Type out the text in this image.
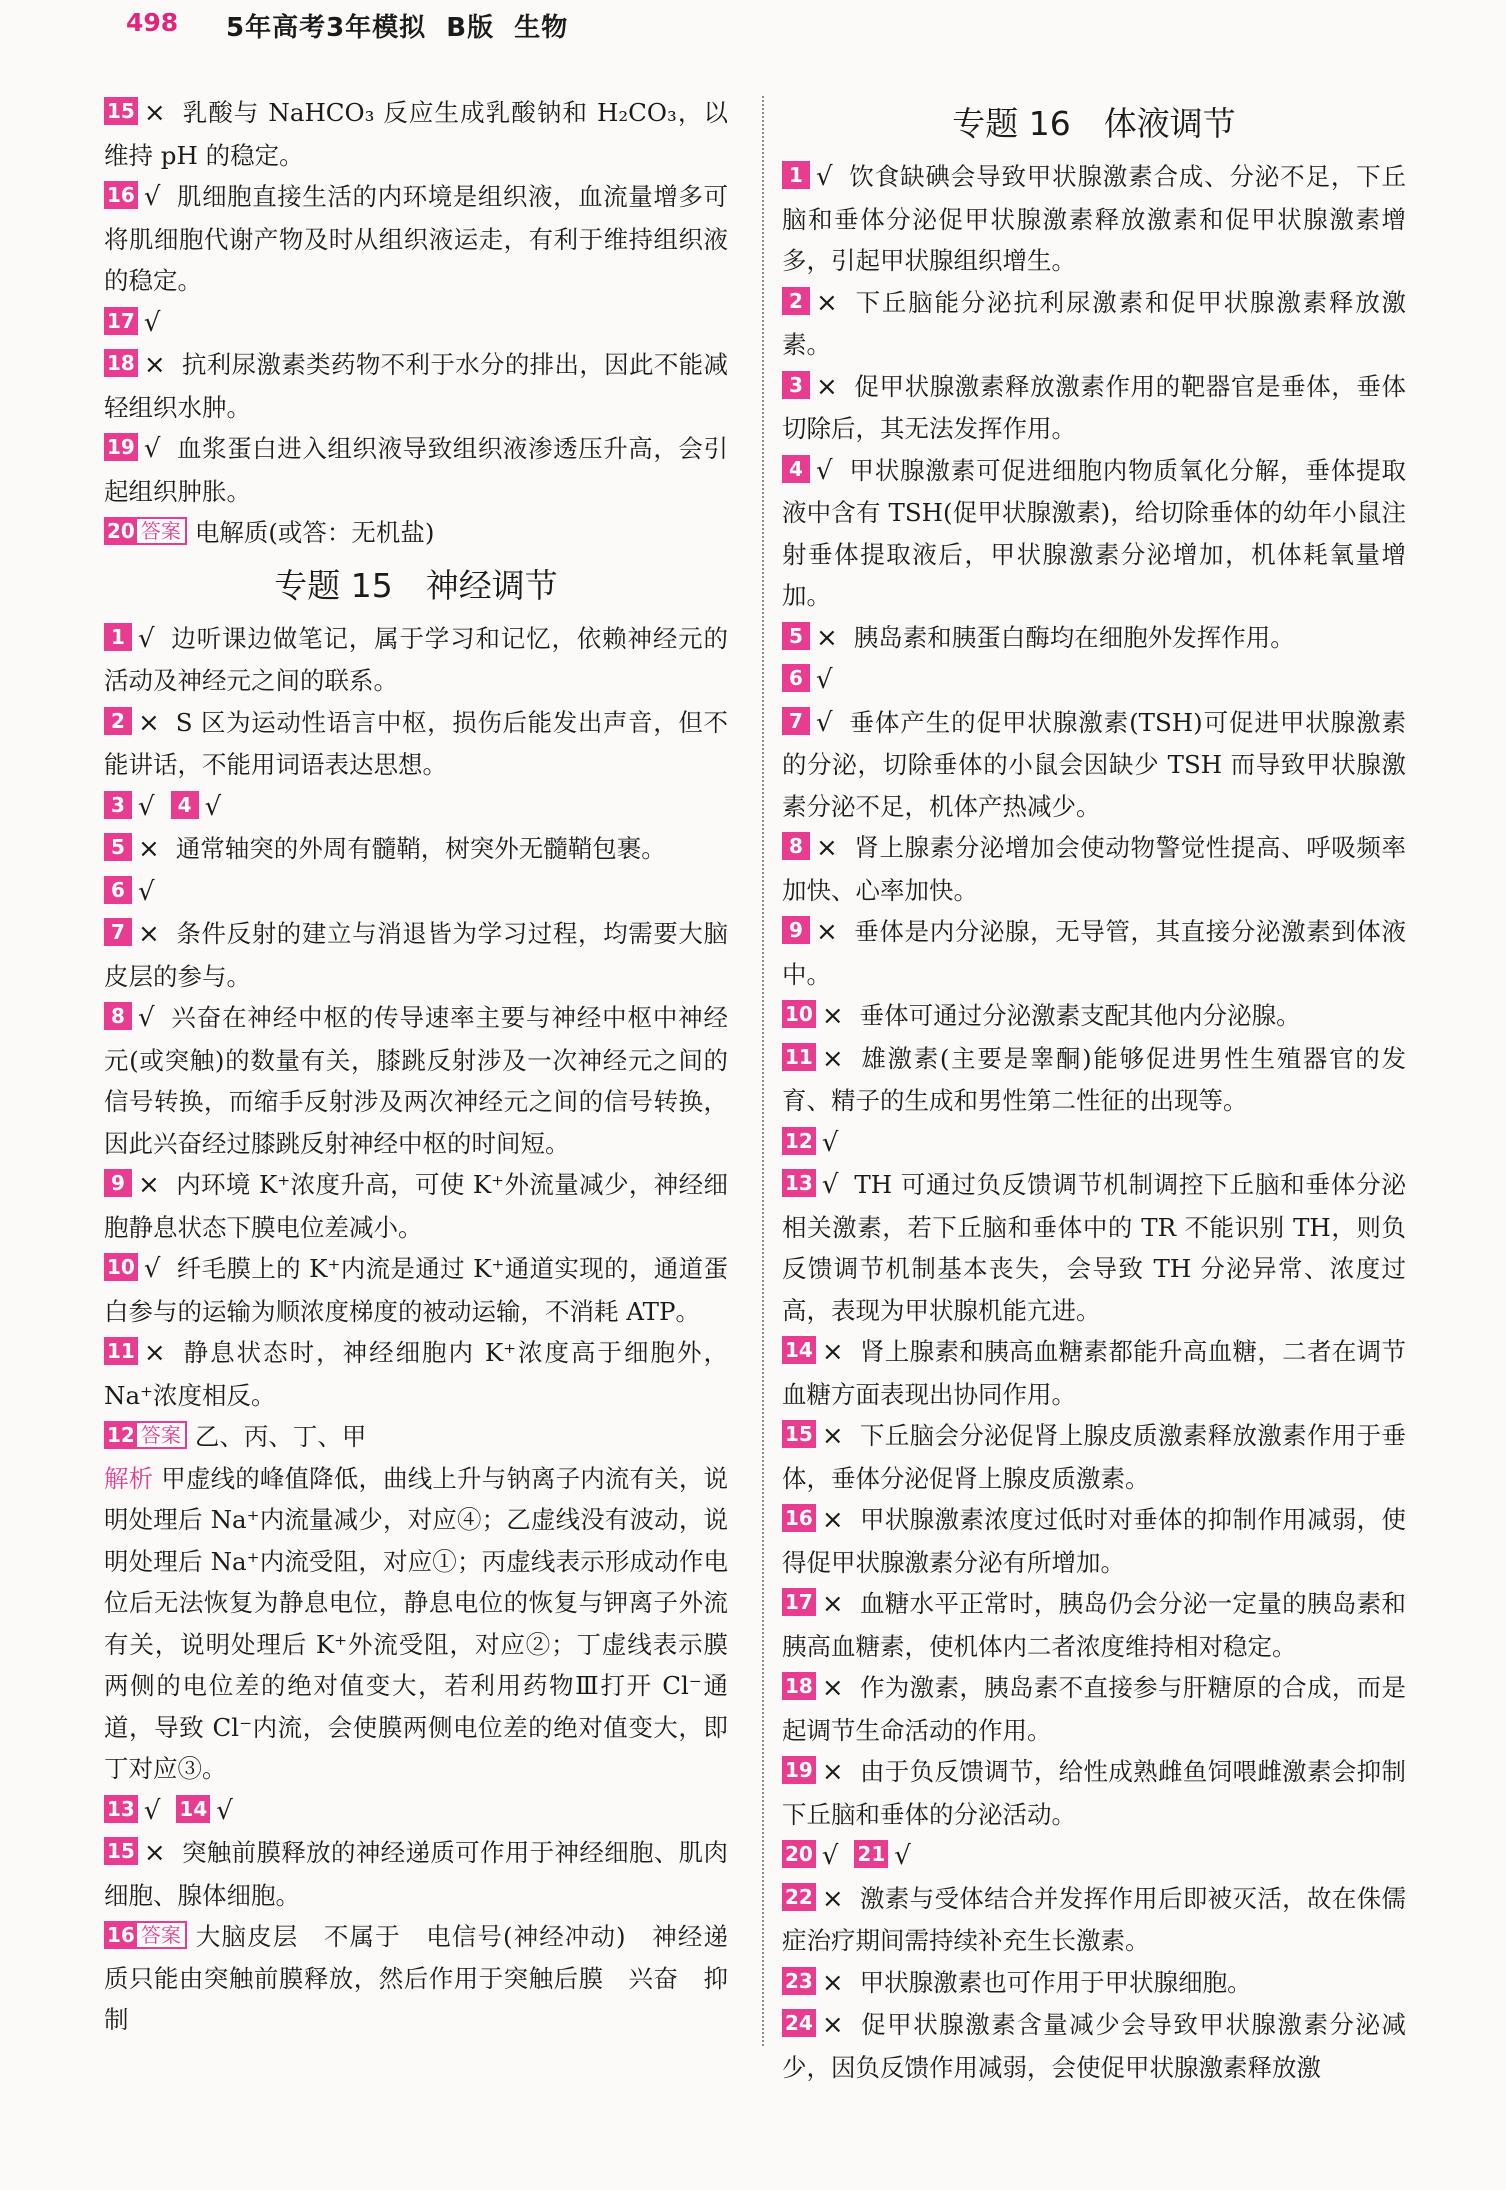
498 5年高考3年模拟  B版  生物
15 × 乳酸与 NaHCO₃ 反应生成乳酸钠和 H₂CO₃，以维持 pH 的稳定。
16 √ 肌细胞直接生活的内环境是组织液，血流量增多可将肌细胞代谢产物及时从组织液运走，有利于维持组织液的稳定。
17 √
18 × 抗利尿激素类药物不利于水分的排出，因此不能减轻组织水肿。
19 √ 血浆蛋白进入组织液导致组织液渗透压升高，会引起组织肿胀。
20 答案 电解质(或答：无机盐)
专题 15　神经调节
1 √ 边听课边做笔记，属于学习和记忆，依赖神经元的活动及神经元之间的联系。
2 × S 区为运动性语言中枢，损伤后能发出声音，但不能讲话，不能用词语表达思想。
3 √ 4 √
5 × 通常轴突的外周有髓鞘，树突外无髓鞘包裹。
6 √
7 × 条件反射的建立与消退皆为学习过程，均需要大脑皮层的参与。
8 √ 兴奋在神经中枢的传导速率主要与神经中枢中神经元(或突触)的数量有关，膝跳反射涉及一次神经元之间的信号转换，而缩手反射涉及两次神经元之间的信号转换，因此兴奋经过膝跳反射神经中枢的时间短。
9 × 内环境 K⁺浓度升高，可使 K⁺外流量减少，神经细胞静息状态下膜电位差减小。
10 √ 纤毛膜上的 K⁺内流是通过 K⁺通道实现的，通道蛋白参与的运输为顺浓度梯度的被动运输，不消耗 ATP。
11 × 静息状态时，神经细胞内 K⁺浓度高于细胞外，Na⁺浓度相反。
12 答案 乙、丙、丁、甲
解析 甲虚线的峰值降低，曲线上升与钠离子内流有关，说明处理后 Na⁺内流量减少，对应④；乙虚线没有波动，说明处理后 Na⁺内流受阻，对应①；丙虚线表示形成动作电位后无法恢复为静息电位，静息电位的恢复与钾离子外流有关，说明处理后 K⁺外流受阻，对应②；丁虚线表示膜两侧的电位差的绝对值变大，若利用药物Ⅲ打开 Cl⁻通道，导致 Cl⁻内流，会使膜两侧电位差的绝对值变大，即丁对应③。
13 √ 14 √
15 × 突触前膜释放的神经递质可作用于神经细胞、肌肉细胞、腺体细胞。
16 答案 大脑皮层　不属于　电信号(神经冲动)　神经递质只能由突触前膜释放，然后作用于突触后膜　兴奋　抑制
专题 16　体液调节
1 √ 饮食缺碘会导致甲状腺激素合成、分泌不足，下丘脑和垂体分泌促甲状腺激素释放激素和促甲状腺激素增多，引起甲状腺组织增生。
2 × 下丘脑能分泌抗利尿激素和促甲状腺激素释放激素。
3 × 促甲状腺激素释放激素作用的靶器官是垂体，垂体切除后，其无法发挥作用。
4 √ 甲状腺激素可促进细胞内物质氧化分解，垂体提取液中含有 TSH(促甲状腺激素)，给切除垂体的幼年小鼠注射垂体提取液后，甲状腺激素分泌增加，机体耗氧量增加。
5 × 胰岛素和胰蛋白酶均在细胞外发挥作用。
6 √
7 √ 垂体产生的促甲状腺激素(TSH)可促进甲状腺激素的分泌，切除垂体的小鼠会因缺少 TSH 而导致甲状腺激素分泌不足，机体产热减少。
8 × 肾上腺素分泌增加会使动物警觉性提高、呼吸频率加快、心率加快。
9 × 垂体是内分泌腺，无导管，其直接分泌激素到体液中。
10 × 垂体可通过分泌激素支配其他内分泌腺。
11 × 雄激素(主要是睾酮)能够促进男性生殖器官的发育、精子的生成和男性第二性征的出现等。
12 √
13 √ TH 可通过负反馈调节机制调控下丘脑和垂体分泌相关激素，若下丘脑和垂体中的 TR 不能识别 TH，则负反馈调节机制基本丧失，会导致 TH 分泌异常、浓度过高，表现为甲状腺机能亢进。
14 × 肾上腺素和胰高血糖素都能升高血糖，二者在调节血糖方面表现出协同作用。
15 × 下丘脑会分泌促肾上腺皮质激素释放激素作用于垂体，垂体分泌促肾上腺皮质激素。
16 × 甲状腺激素浓度过低时对垂体的抑制作用减弱，使得促甲状腺激素分泌有所增加。
17 × 血糖水平正常时，胰岛仍会分泌一定量的胰岛素和胰高血糖素，使机体内二者浓度维持相对稳定。
18 × 作为激素，胰岛素不直接参与肝糖原的合成，而是起调节生命活动的作用。
19 × 由于负反馈调节，给性成熟雌鱼饲喂雌激素会抑制下丘脑和垂体的分泌活动。
20 √ 21 √
22 × 激素与受体结合并发挥作用后即被灭活，故在侏儒症治疗期间需持续补充生长激素。
23 × 甲状腺激素也可作用于甲状腺细胞。
24 × 促甲状腺激素含量减少会导致甲状腺激素分泌减少，因负反馈作用减弱，会使促甲状腺激素释放激
